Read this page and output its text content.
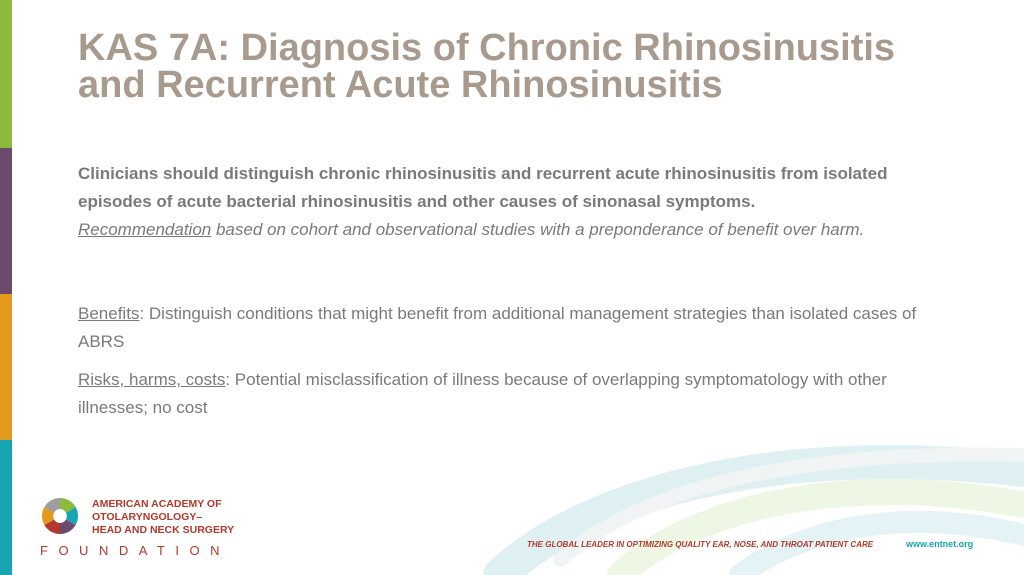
KAS 7A: Diagnosis of Chronic Rhinosinusitis and Recurrent Acute Rhinosinusitis

Clinicians should distinguish chronic rhinosinusitis and recurrent acute rhinosinusitis from isolated episodes of acute bacterial rhinosinusitis and other causes of sinonasal symptoms.
Recommendation based on cohort and observational studies with a preponderance of benefit over harm.

Benefits: Distinguish conditions that might benefit from additional management strategies than isolated cases of ABRS

Risks, harms, costs: Potential misclassification of illness because of overlapping symptomatology with other illnesses; no cost

AMERICAN ACADEMY OF
OTOLARYNGOLOGY–
HEAD AND NECK SURGERY
FOUNDATION	THE GLOBAL LEADER IN OPTIMIZING QUALITY EAR, NOSE, AND THROAT PATIENT CARE	www.entnet.org
